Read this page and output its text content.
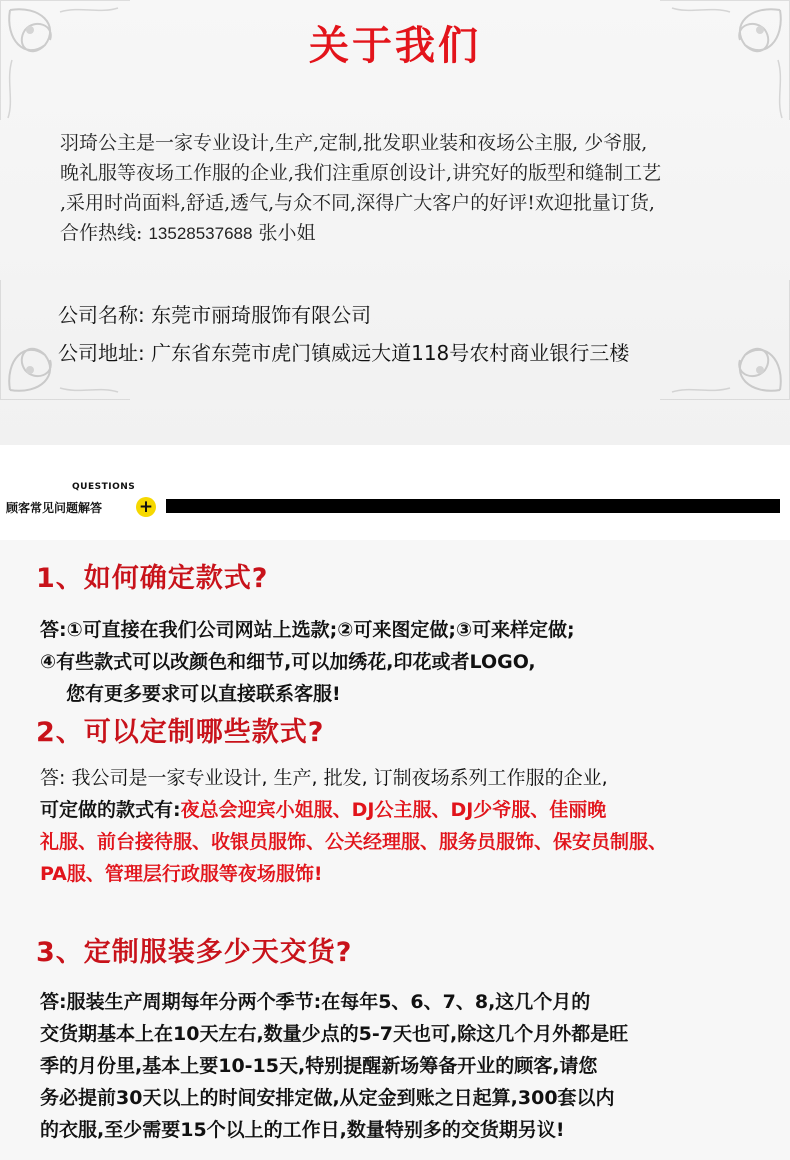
关于我们

羽琦公主是一家专业设计,生产,定制,批发职业装和夜场公主服, 少爷服,

晚礼服等夜场工作服的企业,我们注重原创设计,讲究好的版型和缝制工艺

,采用时尚面料,舒适,透气,与众不同,深得广大客户的好评!欢迎批量订货,

合作热线: 13528537688 张小姐

公司名称: 东莞市丽琦服饰有限公司
公司地址: 广东省东莞市虎门镇威远大道118号农村商业银行三楼
QUESTIONS
顾客常见问题解答 +
1、如何确定款式?

答:①可直接在我们公司网站上选款;②可来图定做;③可来样定做;

④有些款式可以改颜色和细节,可以加绣花,印花或者LOGO,

您有更多要求可以直接联系客服!

2、可以定制哪些款式?

答: 我公司是一家专业设计, 生产, 批发, 订制夜场系列工作服的企业,

可定做的款式有:夜总会迎宾小姐服、DJ公主服、DJ少爷服、佳丽晚

礼服、前台接待服、收银员服饰、公关经理服、服务员服饰、保安员制服、

PA服、管理层行政服等夜场服饰!

3、定制服装多少天交货?

答:服装生产周期每年分两个季节:在每年5、6、7、8,这几个月的

交货期基本上在10天左右,数量少点的5-7天也可,除这几个月外都是旺

季的月份里,基本上要10-15天,特别提醒新场筹备开业的顾客,请您

务必提前30天以上的时间安排定做,从定金到账之日起算,300套以内

的衣服,至少需要15个以上的工作日,数量特别多的交货期另议!
